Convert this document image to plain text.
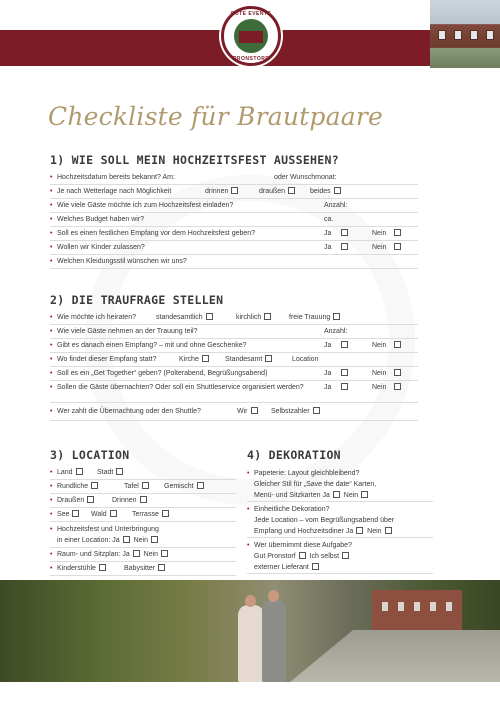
GUTE EVENTS
PRONSTORF
Checkliste für Brautpaare
1) WIE SOLL MEIN HOCHZEITSFEST AUSSEHEN?
• Hochzeitsdatum bereits bekannt? Am:	oder Wunschmonat:
• Je nach Wetterlage nach Möglichkeit	drinnen	draußen	beides
• Wie viele Gäste möchte ich zum Hochzeitsfest einladen?	Anzahl:
• Welches Budget haben wir?	ca.
• Soll es einen festlichen Empfang vor dem Hochzeitsfest geben?	Ja	Nein
• Wollen wir Kinder zulassen?	Ja	Nein
• Welchen Kleidungsstil wünschen wir uns?
2) DIE TRAUFRAGE STELLEN
• Wie möchte ich heiraten?	standesamtlich	kirchlich	freie Trauung
• Wie viele Gäste nehmen an der Trauung teil?	Anzahl:
• Gibt es danach einen Empfang? – mit und ohne Geschenke?	Ja	Nein
• Wo findet dieser Empfang statt?	Kirche	Standesamt	Location
• Soll es ein „Get Together“ geben? (Polterabend, Begrüßungsabend)	Ja	Nein
• Sollen die Gäste übernachten? Oder soll ein Shuttleservice organisiert werden?	Ja	Nein
• Wer zahlt die Übernachtung oder den Shuttle?	Wir	Selbstzahler
3) LOCATION
• Land	Stadt
• Rundliche	Tafel	Gemischt
• Draußen	Drinnen
• See	Wald	Terrasse
• Hochzeitsfest und Unterbringung
in einer Location: Ja Nein
• Raum- und Sitzplan: Ja Nein
• Kinderstühle	Babysitter
4) DEKORATION
• Papeterie: Layout gleichbleibend?
Gleicher Stil für „Save the date“ Karten,
Menü- und Sitzkarten Ja Nein
• Einheitliche Dekoration?
Jede Location – vom Begrüßungsabend über
Empfang und Hochzeitsdiner Ja Nein
• Wer übernimmt diese Aufgabe?
Gut Pronstorf Ich selbst
externer Lieferant
